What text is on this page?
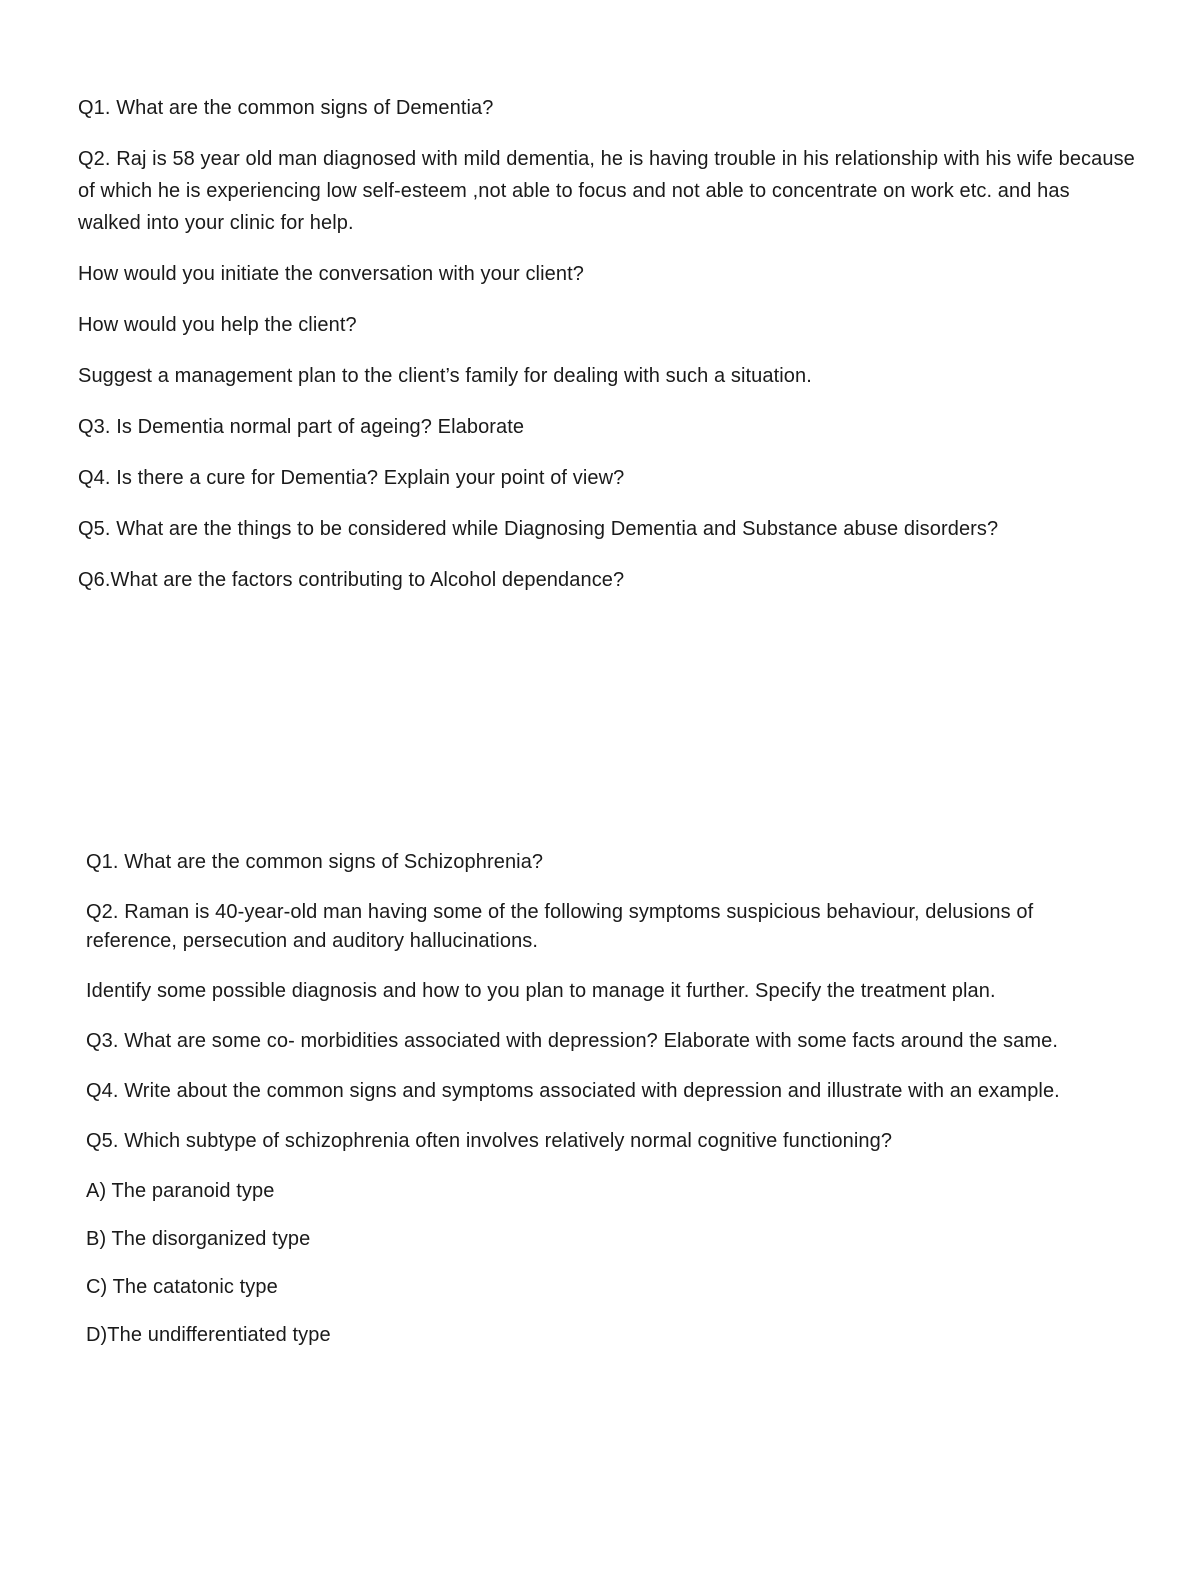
Q1. What are the common signs of Dementia?

Q2. Raj is 58 year old man diagnosed with mild dementia, he is having trouble in his relationship with his wife because of which he is experiencing low self-esteem ,not able to focus and not able to concentrate on work etc. and has walked into your clinic for help.

How would you initiate the conversation with your client?

How would you help the client?

Suggest a management plan to the client’s family for dealing with such a situation.

Q3. Is Dementia normal part of ageing? Elaborate

Q4. Is there a cure for Dementia? Explain your point of view?

Q5. What are the things to be considered while Diagnosing Dementia and Substance abuse disorders?

Q6.What are the factors contributing to Alcohol dependance?

Q1. What are the common signs of Schizophrenia?

Q2. Raman is 40-year-old man having some of the following symptoms suspicious behaviour, delusions of reference, persecution and auditory hallucinations.

Identify some possible diagnosis and how to you plan to manage it further. Specify the treatment plan.

Q3. What are some co- morbidities associated with depression? Elaborate with some facts around the same.

Q4. Write about the common signs and symptoms associated with depression and illustrate with an example.

Q5. Which subtype of schizophrenia often involves relatively normal cognitive functioning?

A) The paranoid type

B) The disorganized type

C) The catatonic type

D)The undifferentiated type
